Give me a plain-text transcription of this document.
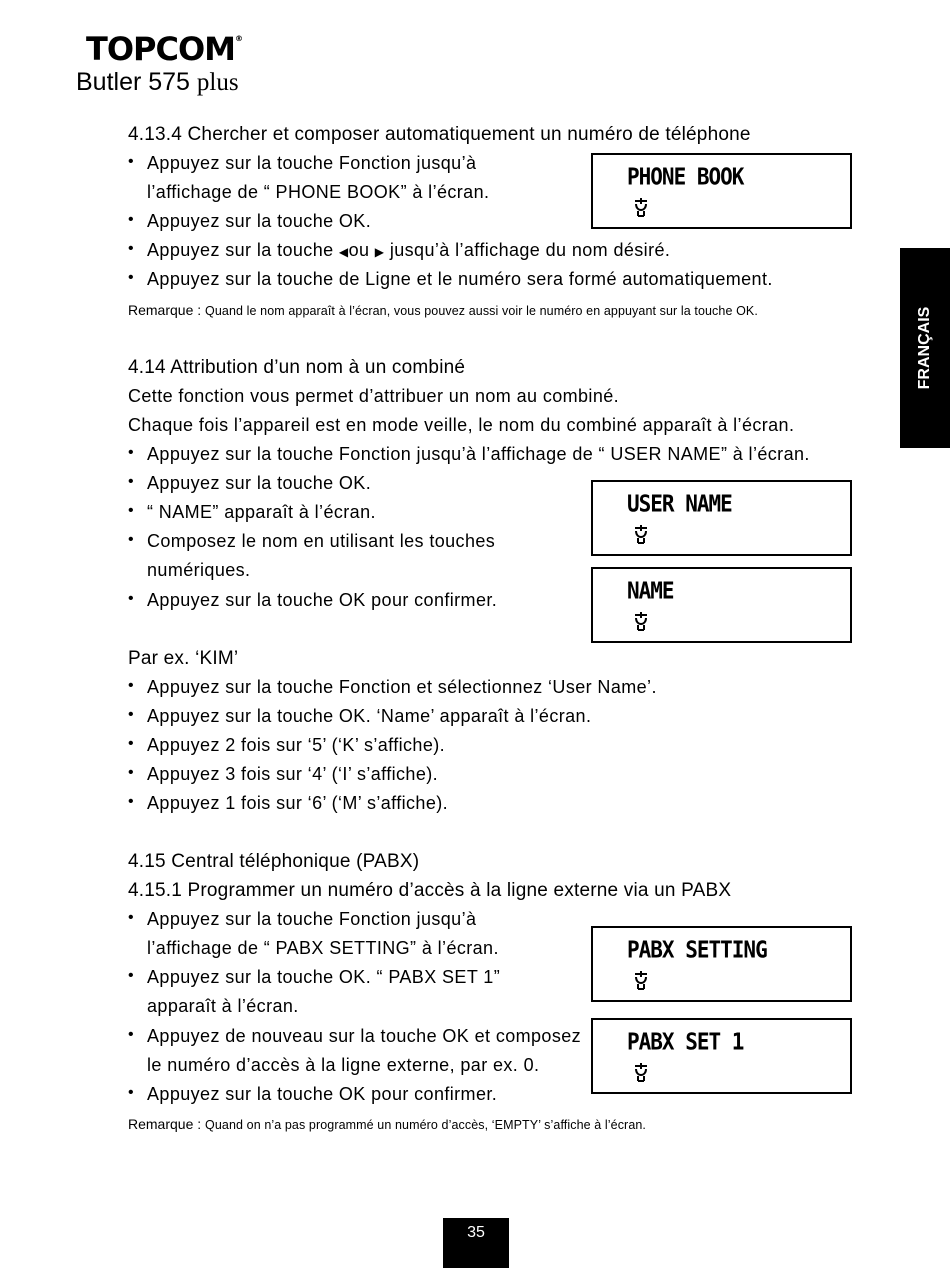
TOPCOM®
Butler 575 plus
FRANÇAIS
4.13.4 Chercher et composer automatiquement un numéro de téléphone
• Appuyez sur la touche Fonction jusqu’à
l’affichage de “ PHONE BOOK” à l’écran.
• Appuyez sur la touche OK.
• Appuyez sur la touche ◀ou ▶ jusqu’à l’affichage du nom désiré.
• Appuyez sur la touche de Ligne et le numéro sera formé automatiquement.
Remarque : Quand le nom apparaît à l’écran, vous pouvez aussi voir le numéro en appuyant sur la touche OK.
PHONE BOOK
4.14 Attribution d’un nom à un combiné
Cette fonction vous permet d’attribuer un nom au combiné.
Chaque fois l’appareil est en mode veille, le nom du combiné apparaît à l’écran.
• Appuyez sur la touche Fonction jusqu’à l’affichage de “ USER NAME” à l’écran.
• Appuyez sur la touche OK.
• “ NAME” apparaît à l’écran.
• Composez le nom en utilisant les touches
numériques.
• Appuyez sur la touche OK pour confirmer.
USER NAME
NAME
Par ex. ‘KIM’
• Appuyez sur la touche Fonction et sélectionnez ‘User Name’.
• Appuyez sur la touche OK. ‘Name’ apparaît à l’écran.
• Appuyez 2 fois sur ‘5’ (‘K’ s’affiche).
• Appuyez 3 fois sur ‘4’ (‘I’ s’affiche).
• Appuyez 1 fois sur ‘6’ (‘M’ s’affiche).
4.15 Central téléphonique (PABX)
4.15.1 Programmer un numéro d’accès à la ligne externe via un PABX
• Appuyez sur la touche Fonction jusqu’à
l’affichage de “ PABX SETTING” à l’écran.
• Appuyez sur la touche OK. “ PABX SET 1”
apparaît à l’écran.
• Appuyez de nouveau sur la touche OK et composez
le numéro d’accès à la ligne externe, par ex. 0.
• Appuyez sur la touche OK pour confirmer.
Remarque : Quand on n’a pas programmé un numéro d’accès, ‘EMPTY’ s’affiche à l’écran.
PABX SETTING
PABX SET 1
35
